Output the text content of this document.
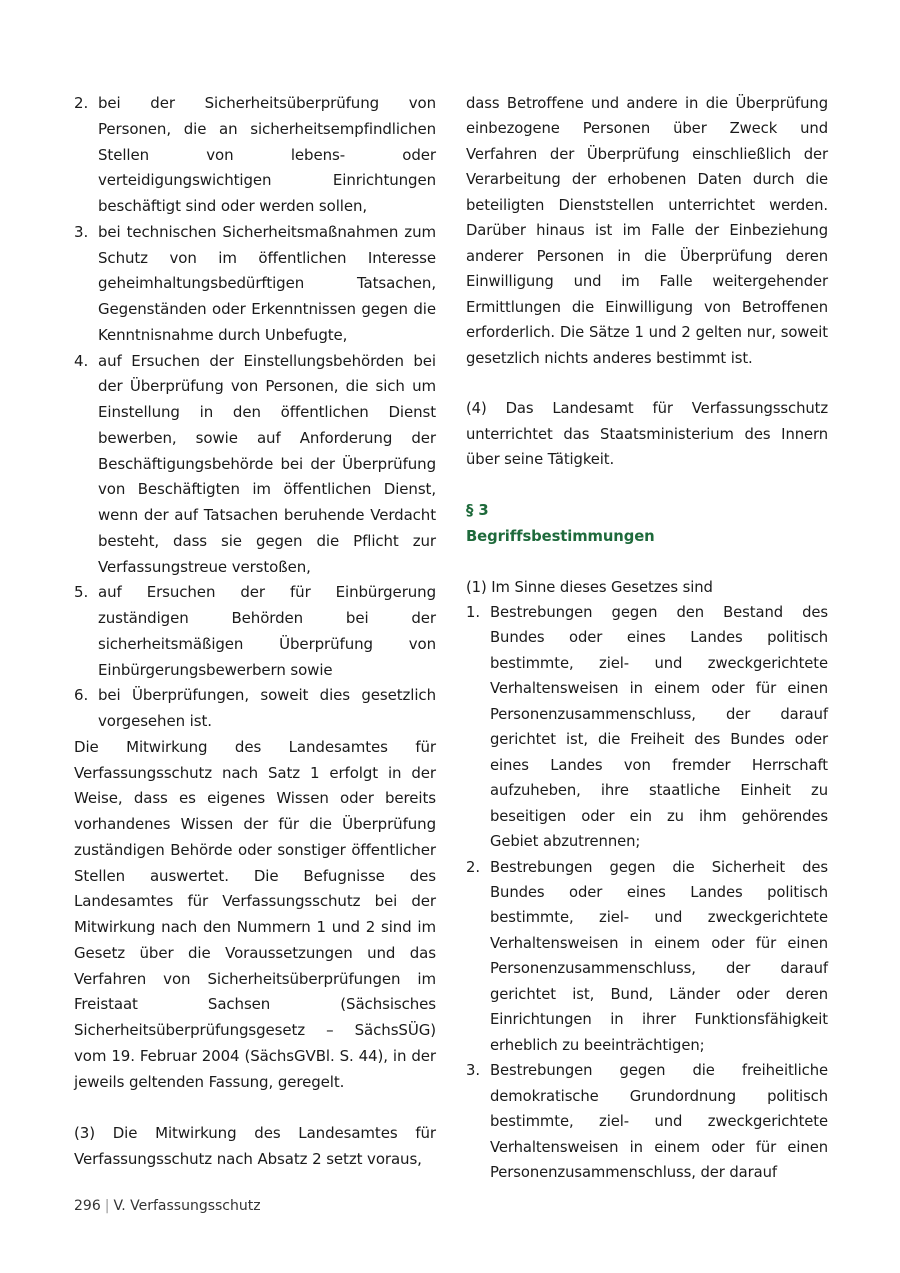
2. bei der Sicherheitsüberprüfung von Personen, die an sicherheitsempfindlichen Stellen von lebens- oder verteidigungswichtigen Einrichtungen beschäftigt sind oder werden sollen,
3. bei technischen Sicherheitsmaßnahmen zum Schutz von im öffentlichen Interesse geheimhaltungsbedürftigen Tatsachen, Gegenständen oder Erkenntnissen gegen die Kenntnisnahme durch Unbefugte,
4. auf Ersuchen der Einstellungsbehörden bei der Überprüfung von Personen, die sich um Einstellung in den öffentlichen Dienst bewerben, sowie auf Anforderung der Beschäftigungsbehörde bei der Überprüfung von Beschäftigten im öffentlichen Dienst, wenn der auf Tatsachen beruhende Verdacht besteht, dass sie gegen die Pflicht zur Verfassungstreue verstoßen,
5. auf Ersuchen der für Einbürgerung zuständigen Behörden bei der sicherheitsmäßigen Überprüfung von Einbürgerungsbewerbern sowie
6. bei Überprüfungen, soweit dies gesetzlich vorgesehen ist.

Die Mitwirkung des Landesamtes für Verfassungsschutz nach Satz 1 erfolgt in der Weise, dass es eigenes Wissen oder bereits vorhandenes Wissen der für die Überprüfung zuständigen Behörde oder sonstiger öffentlicher Stellen auswertet. Die Befugnisse des Landesamtes für Verfassungsschutz bei der Mitwirkung nach den Nummern 1 und 2 sind im Gesetz über die Voraussetzungen und das Verfahren von Sicherheitsüberprüfungen im Freistaat Sachsen (Sächsisches Sicherheitsüberprüfungsgesetz – SächsSÜG) vom 19. Februar 2004 (SächsGVBl. S. 44), in der jeweils geltenden Fassung, geregelt.

(3) Die Mitwirkung des Landesamtes für Verfassungsschutz nach Absatz 2 setzt voraus,

dass Betroffene und andere in die Überprüfung einbezogene Personen über Zweck und Verfahren der Überprüfung einschließlich der Verarbeitung der erhobenen Daten durch die beteiligten Dienststellen unterrichtet werden. Darüber hinaus ist im Falle der Einbeziehung anderer Personen in die Überprüfung deren Einwilligung und im Falle weitergehender Ermittlungen die Einwilligung von Betroffenen erforderlich. Die Sätze 1 und 2 gelten nur, soweit gesetzlich nichts anderes bestimmt ist.

(4) Das Landesamt für Verfassungsschutz unterrichtet das Staatsministerium des Innern über seine Tätigkeit.

§ 3

Begriffsbestimmungen

(1) Im Sinne dieses Gesetzes sind

1. Bestrebungen gegen den Bestand des Bundes oder eines Landes politisch bestimmte, ziel- und zweckgerichtete Verhaltensweisen in einem oder für einen Personenzusammenschluss, der darauf gerichtet ist, die Freiheit des Bundes oder eines Landes von fremder Herrschaft aufzuheben, ihre staatliche Einheit zu beseitigen oder ein zu ihm gehörendes Gebiet abzutrennen;
2. Bestrebungen gegen die Sicherheit des Bundes oder eines Landes politisch bestimmte, ziel- und zweckgerichtete Verhaltensweisen in einem oder für einen Personenzusammenschluss, der darauf gerichtet ist, Bund, Länder oder deren Einrichtungen in ihrer Funktionsfähigkeit erheblich zu beeinträchtigen;
3. Bestrebungen gegen die freiheitliche demokratische Grundordnung politisch bestimmte, ziel- und zweckgerichtete Verhaltensweisen in einem oder für einen Personenzusammenschluss, der darauf
296 | V. Verfassungsschutz
